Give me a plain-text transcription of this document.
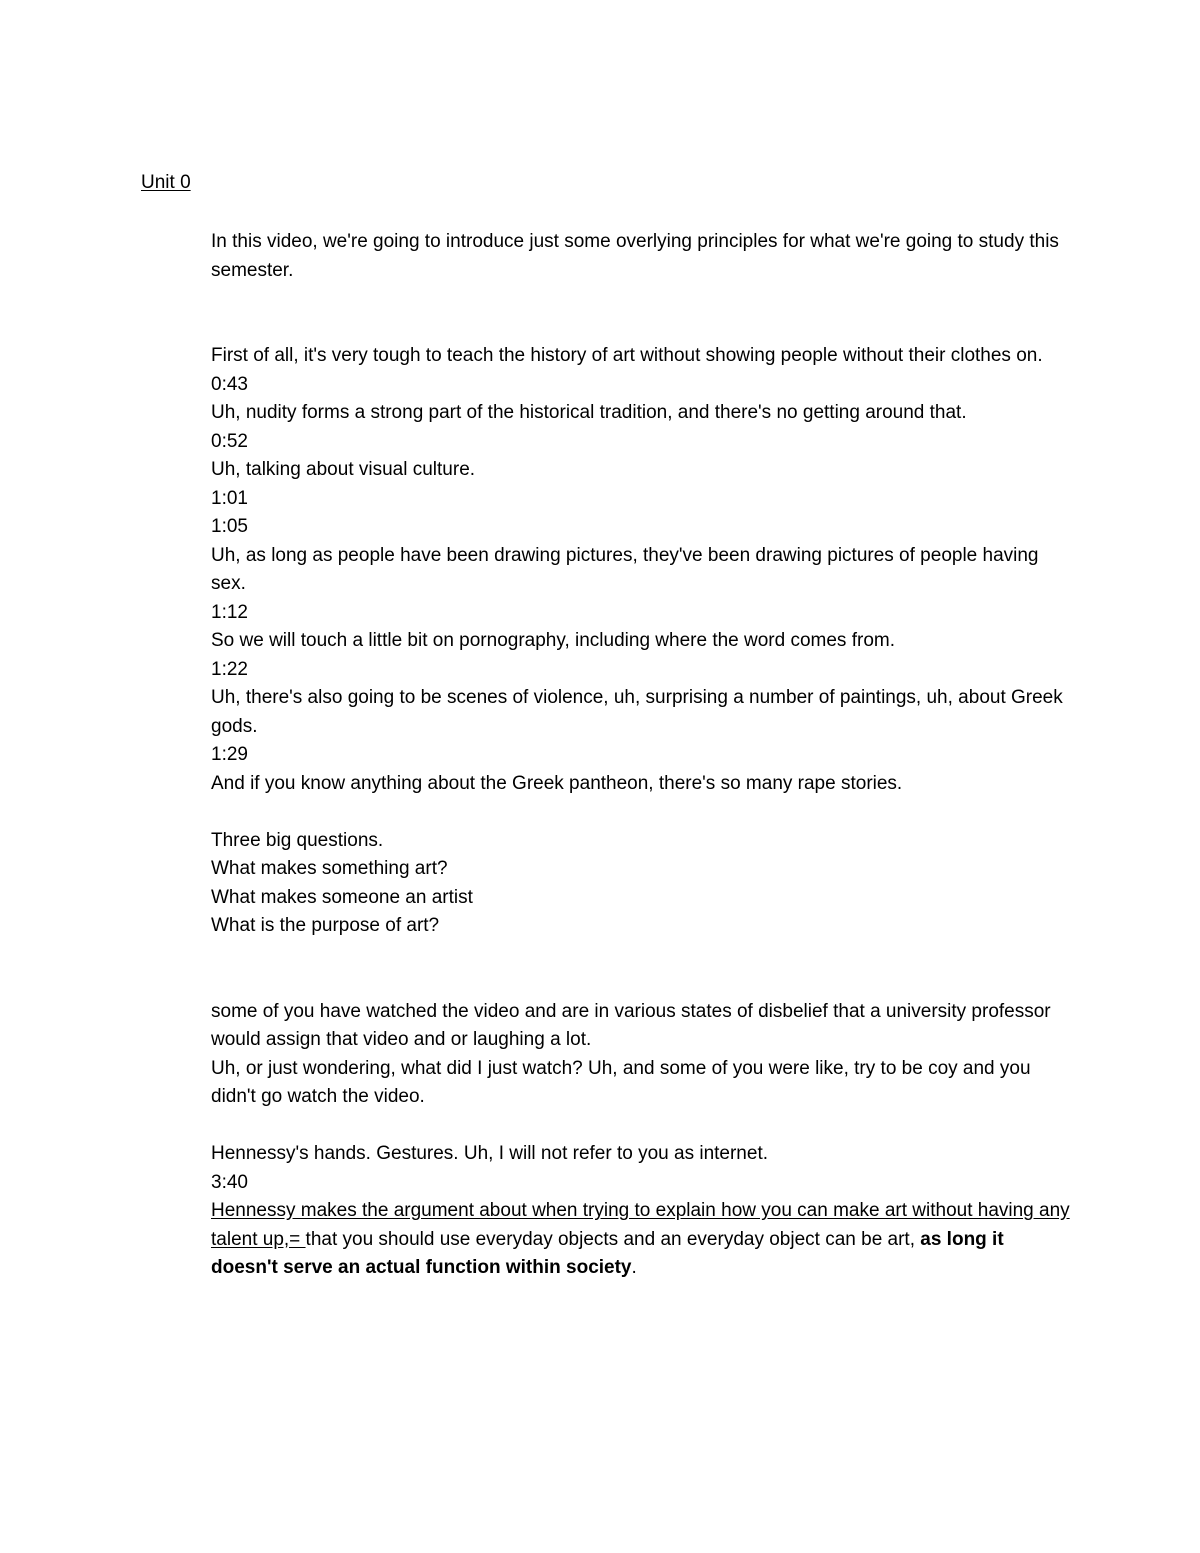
Unit 0

In this video, we're going to introduce just some overlying principles for what we're going to study this semester.

First of all, it's very tough to teach the history of art without showing people without their clothes on.

0:43

Uh, nudity forms a strong part of the historical tradition, and there's no getting around that.

0:52

Uh, talking about visual culture.

1:01

1:05

Uh, as long as people have been drawing pictures, they've been drawing pictures of people having sex.

1:12

So we will touch a little bit on pornography, including where the word comes from.

1:22

Uh, there's also going to be scenes of violence, uh, surprising a number of paintings, uh, about Greek gods.

1:29

And if you know anything about the Greek pantheon, there's so many rape stories.

Three big questions.

What makes something art?

What makes someone an artist

What is the purpose of art?

some of you have watched the video and are in various states of disbelief that a university professor would assign that video and or laughing a lot.

Uh, or just wondering, what did I just watch? Uh, and some of you were like, try to be coy and you didn't go watch the video.

Hennessy's hands. Gestures. Uh, I will not refer to you as internet.

3:40

Hennessy makes the argument about when trying to explain how you can make art without having any talent up,= that you should use everyday objects and an everyday object can be art, as long it doesn't serve an actual function within society.
